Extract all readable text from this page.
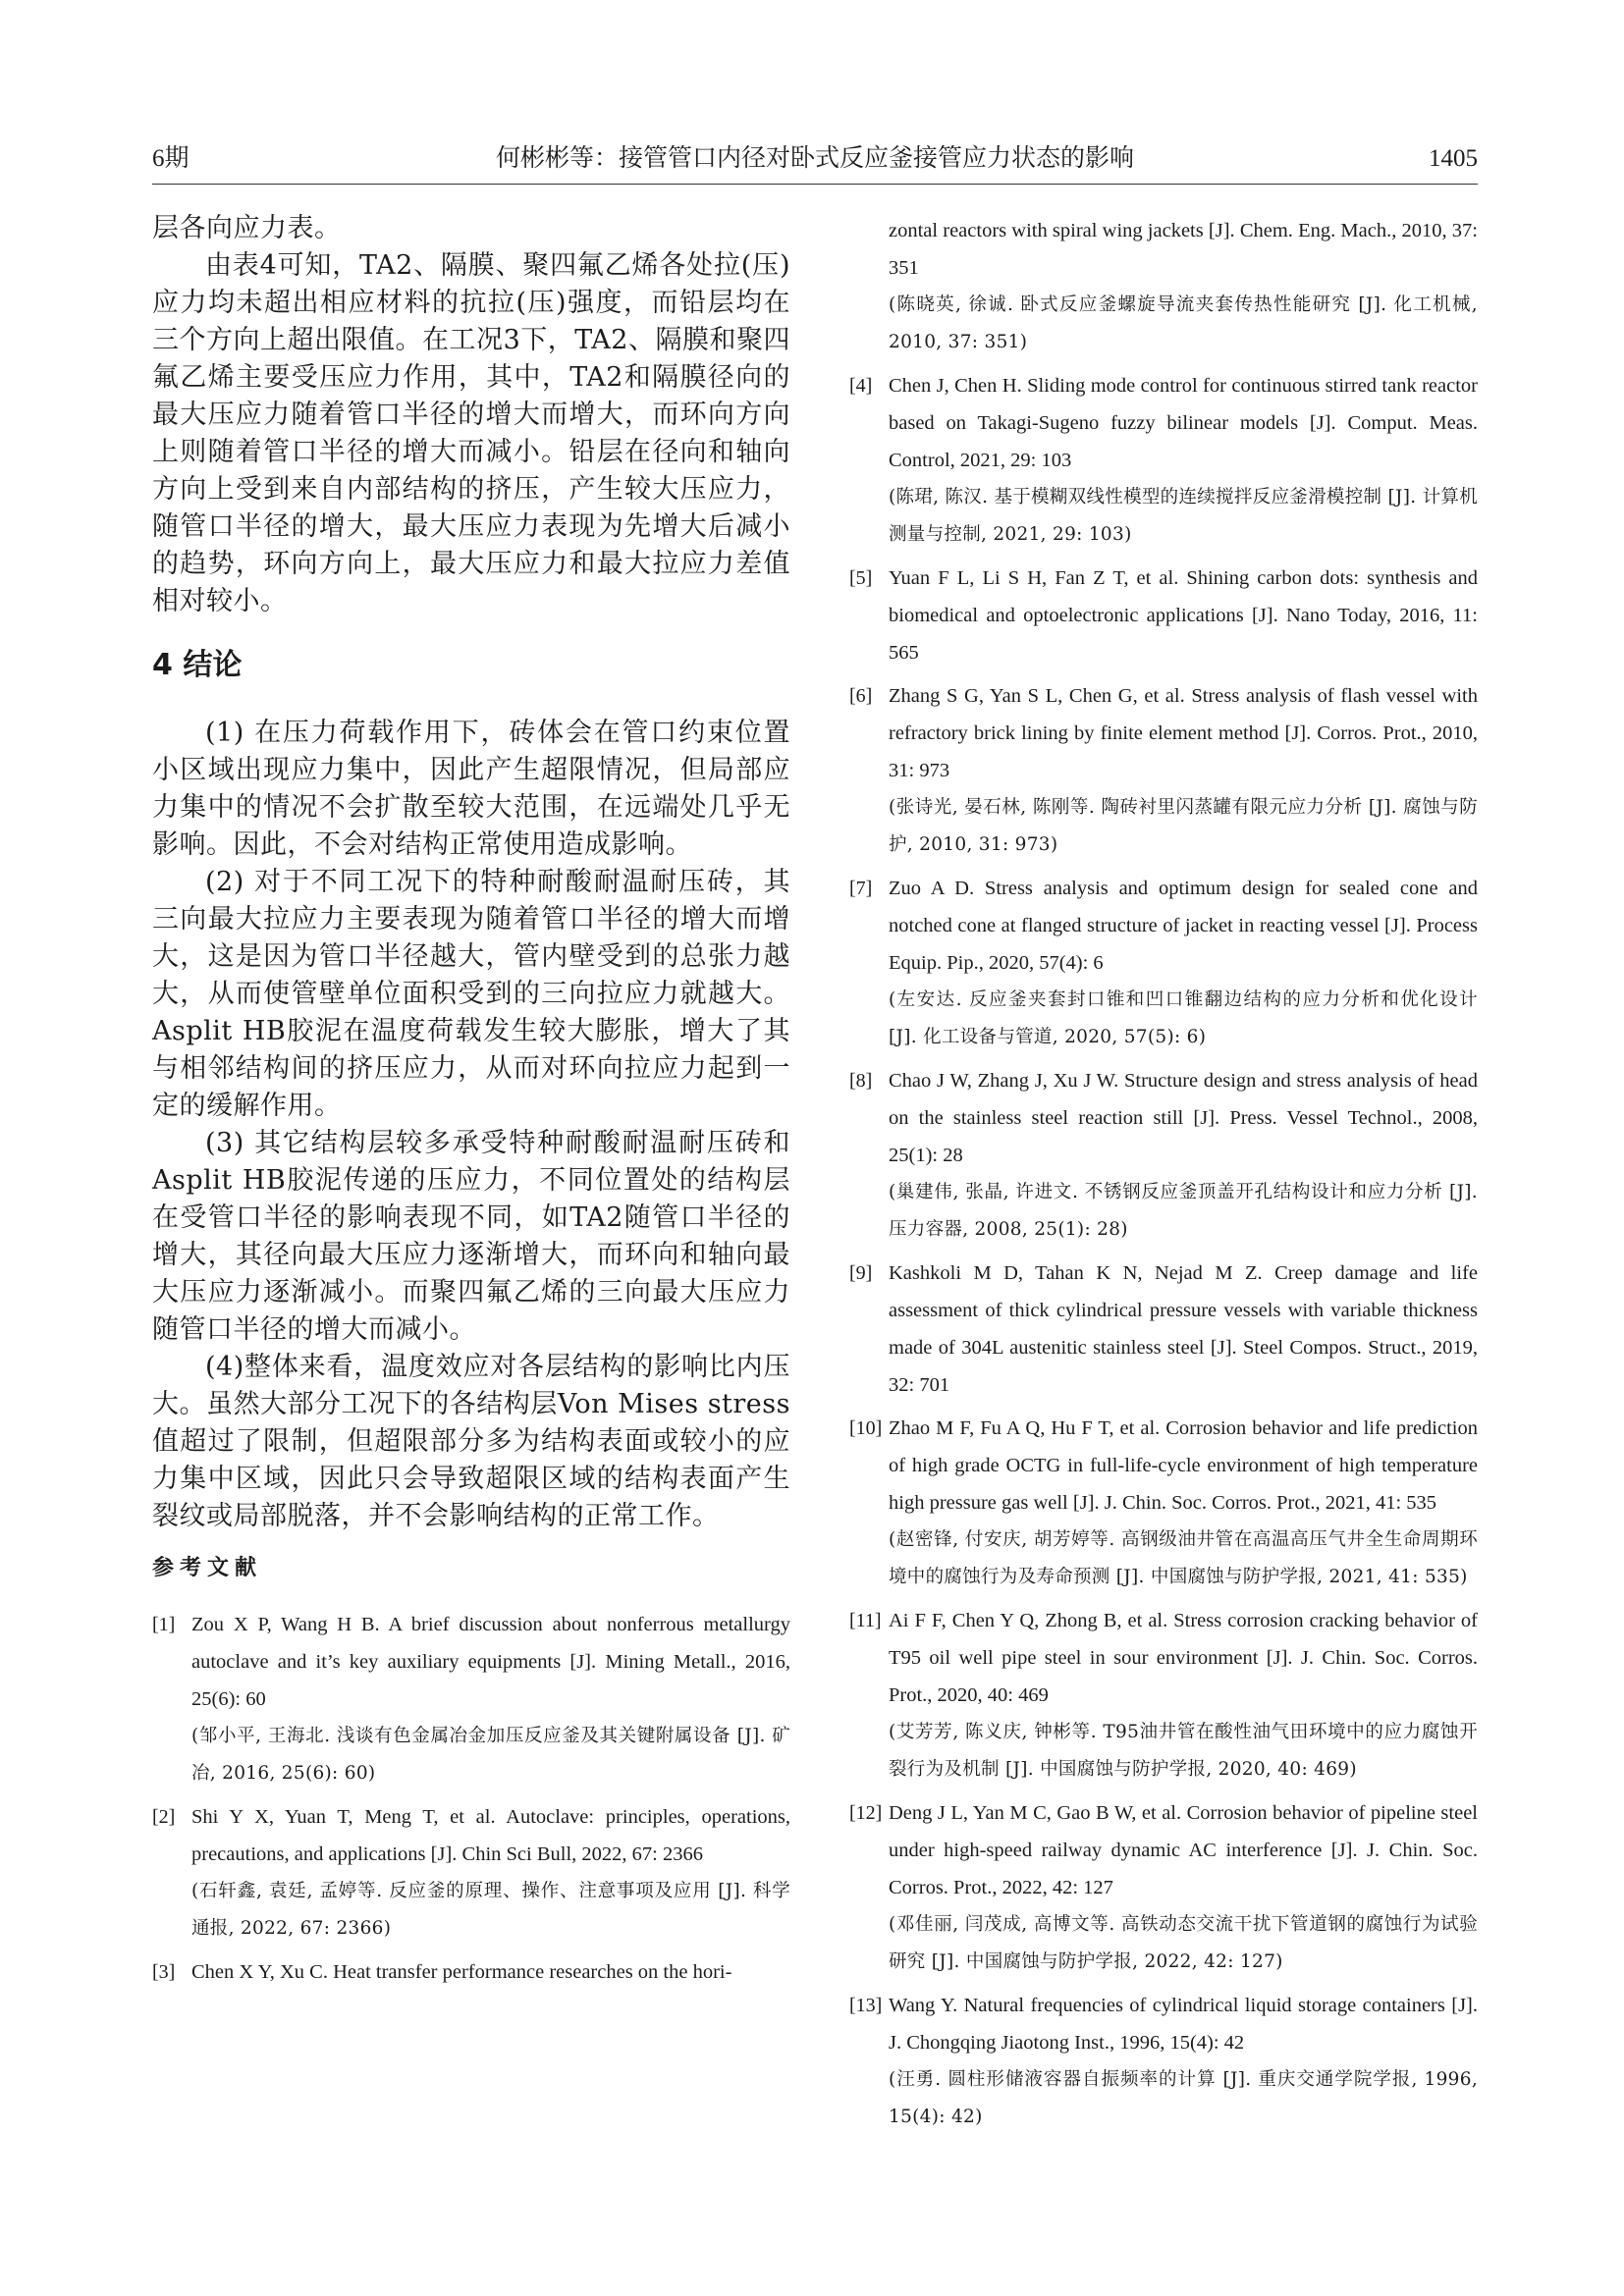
6期	何彬彬等：接管管口内径对卧式反应釜接管应力状态的影响	1405

层各向应力表。

由表4可知，TA2、隔膜、聚四氟乙烯各处拉(压)应力均未超出相应材料的抗拉(压)强度，而铅层均在三个方向上超出限值。在工况3下，TA2、隔膜和聚四氟乙烯主要受压应力作用，其中，TA2和隔膜径向的最大压应力随着管口半径的增大而增大，而环向方向上则随着管口半径的增大而减小。铅层在径向和轴向方向上受到来自内部结构的挤压，产生较大压应力，随管口半径的增大，最大压应力表现为先增大后减小的趋势，环向方向上，最大压应力和最大拉应力差值相对较小。

4 结论

(1) 在压力荷载作用下，砖体会在管口约束位置小区域出现应力集中，因此产生超限情况，但局部应力集中的情况不会扩散至较大范围，在远端处几乎无影响。因此，不会对结构正常使用造成影响。

(2) 对于不同工况下的特种耐酸耐温耐压砖，其三向最大拉应力主要表现为随着管口半径的增大而增大，这是因为管口半径越大，管内壁受到的总张力越大，从而使管壁单位面积受到的三向拉应力就越大。Asplit HB胶泥在温度荷载发生较大膨胀，增大了其与相邻结构间的挤压应力，从而对环向拉应力起到一定的缓解作用。

(3) 其它结构层较多承受特种耐酸耐温耐压砖和Asplit HB胶泥传递的压应力，不同位置处的结构层在受管口半径的影响表现不同，如TA2随管口半径的增大，其径向最大压应力逐渐增大，而环向和轴向最大压应力逐渐减小。而聚四氟乙烯的三向最大压应力随管口半径的增大而减小。

(4)整体来看，温度效应对各层结构的影响比内压大。虽然大部分工况下的各结构层Von Mises stress值超过了限制，但超限部分多为结构表面或较小的应力集中区域，因此只会导致超限区域的结构表面产生裂纹或局部脱落，并不会影响结构的正常工作。

参考文献
[1] Zou X P, Wang H B. A brief discussion about nonferrous metallurgy autoclave and it’s key auxiliary equipments [J]. Mining Metall., 2016, 25(6): 60
(邹小平, 王海北. 浅谈有色金属冶金加压反应釜及其关键附属设备 [J]. 矿冶, 2016, 25(6): 60)
[2] Shi Y X, Yuan T, Meng T, et al. Autoclave: principles, operations, precautions, and applications [J]. Chin Sci Bull, 2022, 67: 2366
(石轩鑫, 袁廷, 孟婷等. 反应釜的原理、操作、注意事项及应用 [J]. 科学通报, 2022, 67: 2366)
[3] Chen X Y, Xu C. Heat transfer performance researches on the hori-
zontal reactors with spiral wing jackets [J]. Chem. Eng. Mach., 2010, 37: 351
(陈晓英, 徐诚. 卧式反应釜螺旋导流夹套传热性能研究 [J]. 化工机械, 2010, 37: 351)
[4] Chen J, Chen H. Sliding mode control for continuous stirred tank reactor based on Takagi-Sugeno fuzzy bilinear models [J]. Comput. Meas. Control, 2021, 29: 103
(陈珺, 陈汉. 基于模糊双线性模型的连续搅拌反应釜滑模控制 [J]. 计算机测量与控制, 2021, 29: 103)
[5] Yuan F L, Li S H, Fan Z T, et al. Shining carbon dots: synthesis and biomedical and optoelectronic applications [J]. Nano Today, 2016, 11: 565
[6] Zhang S G, Yan S L, Chen G, et al. Stress analysis of flash vessel with refractory brick lining by finite element method [J]. Corros. Prot., 2010, 31: 973
(张诗光, 晏石林, 陈刚等. 陶砖衬里闪蒸罐有限元应力分析 [J]. 腐蚀与防护, 2010, 31: 973)
[7] Zuo A D. Stress analysis and optimum design for sealed cone and notched cone at flanged structure of jacket in reacting vessel [J]. Process Equip. Pip., 2020, 57(4): 6
(左安达. 反应釜夹套封口锥和凹口锥翻边结构的应力分析和优化设计 [J]. 化工设备与管道, 2020, 57(5): 6)
[8] Chao J W, Zhang J, Xu J W. Structure design and stress analysis of head on the stainless steel reaction still [J]. Press. Vessel Technol., 2008, 25(1): 28
(巢建伟, 张晶, 许进文. 不锈钢反应釜顶盖开孔结构设计和应力分析 [J]. 压力容器, 2008, 25(1): 28)
[9] Kashkoli M D, Tahan K N, Nejad M Z. Creep damage and life assessment of thick cylindrical pressure vessels with variable thickness made of 304L austenitic stainless steel [J]. Steel Compos. Struct., 2019, 32: 701
[10] Zhao M F, Fu A Q, Hu F T, et al. Corrosion behavior and life prediction of high grade OCTG in full-life-cycle environment of high temperature high pressure gas well [J]. J. Chin. Soc. Corros. Prot., 2021, 41: 535
(赵密锋, 付安庆, 胡芳婷等. 高钢级油井管在高温高压气井全生命周期环境中的腐蚀行为及寿命预测 [J]. 中国腐蚀与防护学报, 2021, 41: 535)
[11] Ai F F, Chen Y Q, Zhong B, et al. Stress corrosion cracking behavior of T95 oil well pipe steel in sour environment [J]. J. Chin. Soc. Corros. Prot., 2020, 40: 469
(艾芳芳, 陈义庆, 钟彬等. T95油井管在酸性油气田环境中的应力腐蚀开裂行为及机制 [J]. 中国腐蚀与防护学报, 2020, 40: 469)
[12] Deng J L, Yan M C, Gao B W, et al. Corrosion behavior of pipeline steel under high-speed railway dynamic AC interference [J]. J. Chin. Soc. Corros. Prot., 2022, 42: 127
(邓佳丽, 闫茂成, 高博文等. 高铁动态交流干扰下管道钢的腐蚀行为试验研究 [J]. 中国腐蚀与防护学报, 2022, 42: 127)
[13] Wang Y. Natural frequencies of cylindrical liquid storage containers [J]. J. Chongqing Jiaotong Inst., 1996, 15(4): 42
(汪勇. 圆柱形储液容器自振频率的计算 [J]. 重庆交通学院学报, 1996, 15(4): 42)
